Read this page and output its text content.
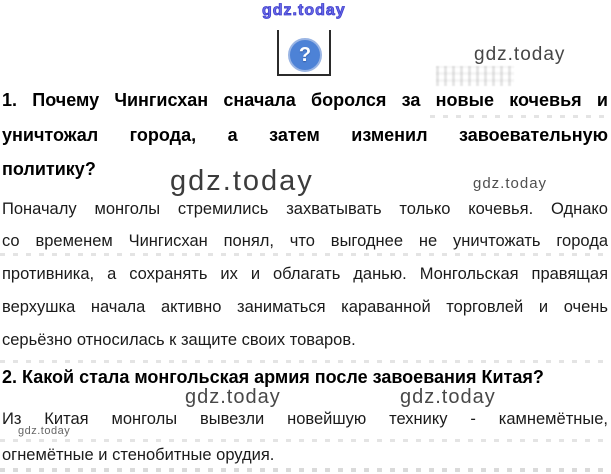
gdz.today
?	gdz.today
1. Почему Чингисхан сначала боролся за новые кочевья и
уничтожал города, а затем изменил завоевательную
политику?	gdz.today	gdz.today
Поначалу монголы стремились захватывать только кочевья. Однако
со временем Чингисхан понял, что выгоднее не уничтожать города
противника, а сохранять их и облагать данью. Монгольская правящая
верхушка начала активно заниматься караванной торговлей и очень
серьёзно относилась к защите своих товаров.
2. Какой стала монгольская армия после завоевания Китая?
gdz.today	gdz.today
Из Китая монголы вывезли новейшую технику - камнемётные,
gdz.today
огнемётные и стенобитные орудия.
